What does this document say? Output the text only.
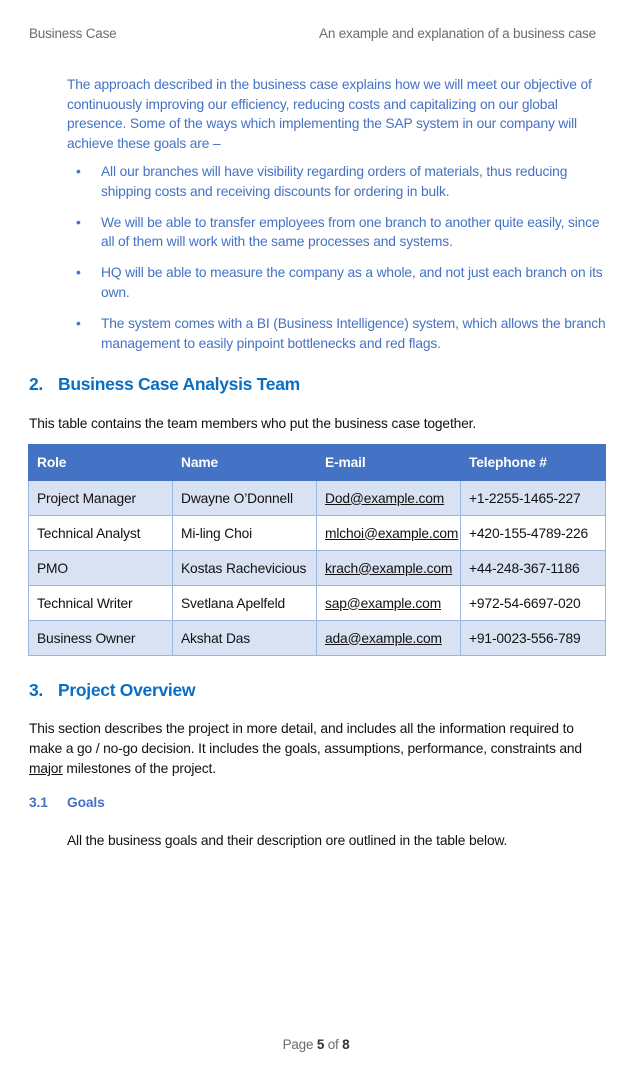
Business Case	An example and explanation of a business case

The approach described in the business case explains how we will meet our objective of continuously improving our efficiency, reducing costs and capitalizing on our global presence. Some of the ways which implementing the SAP system in our company will achieve these goals are –

• All our branches will have visibility regarding orders of materials, thus reducing shipping costs and receiving discounts for ordering in bulk.
• We will be able to transfer employees from one branch to another quite easily, since all of them will work with the same processes and systems.
• HQ will be able to measure the company as a whole, and not just each branch on its own.
• The system comes with a BI (Business Intelligence) system, which allows the branch management to easily pinpoint bottlenecks and red flags.
2. Business Case Analysis Team

This table contains the team members who put the business case together.

Role	Name	E-mail	Telephone #
Project Manager	Dwayne O’Donnell	Dod@example.com	+1-2255-1465-227
Technical Analyst	Mi-ling Choi	mlchoi@example.com	+420-155-4789-226
PMO	Kostas Rachevicious	krach@example.com	+44-248-367-1186
Technical Writer	Svetlana Apelfeld	sap@example.com	+972-54-6697-020
Business Owner	Akshat Das	ada@example.com	+91-0023-556-789
3. Project Overview

This section describes the project in more detail, and includes all the information required to make a go / no-go decision. It includes the goals, assumptions, performance, constraints and major milestones of the project.

3.1 Goals

All the business goals and their description ore outlined in the table below.

Page 5 of 8
